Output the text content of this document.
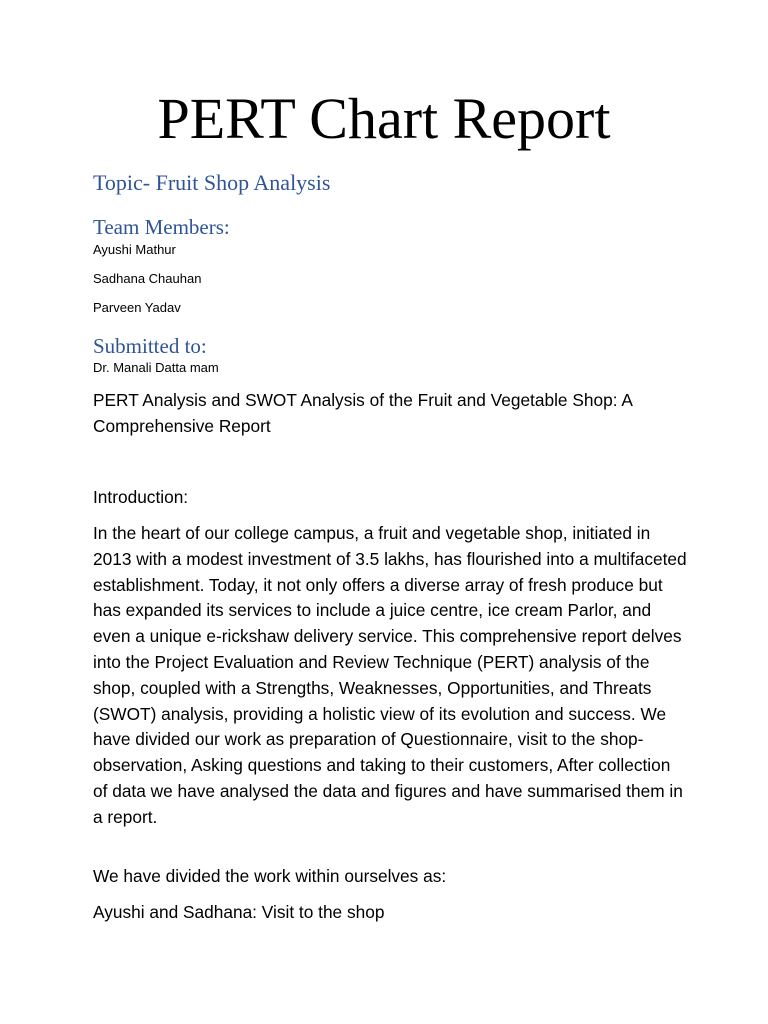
PERT Chart Report
Topic- Fruit Shop Analysis
Team Members:

Ayushi Mathur

Sadhana Chauhan

Parveen Yadav

Submitted to:

Dr. Manali Datta mam

PERT Analysis and SWOT Analysis of the Fruit and Vegetable Shop: A Comprehensive Report

Introduction:

In the heart of our college campus, a fruit and vegetable shop, initiated in 2013 with a modest investment of 3.5 lakhs, has flourished into a multifaceted establishment. Today, it not only offers a diverse array of fresh produce but has expanded its services to include a juice centre, ice cream Parlor, and even a unique e-rickshaw delivery service. This comprehensive report delves into the Project Evaluation and Review Technique (PERT) analysis of the shop, coupled with a Strengths, Weaknesses, Opportunities, and Threats (SWOT) analysis, providing a holistic view of its evolution and success. We have divided our work as preparation of Questionnaire, visit to the shop-observation, Asking questions and taking to their customers, After collection of data we have analysed the data and figures and have summarised them in a report.

We have divided the work within ourselves as:

Ayushi and Sadhana: Visit to the shop
